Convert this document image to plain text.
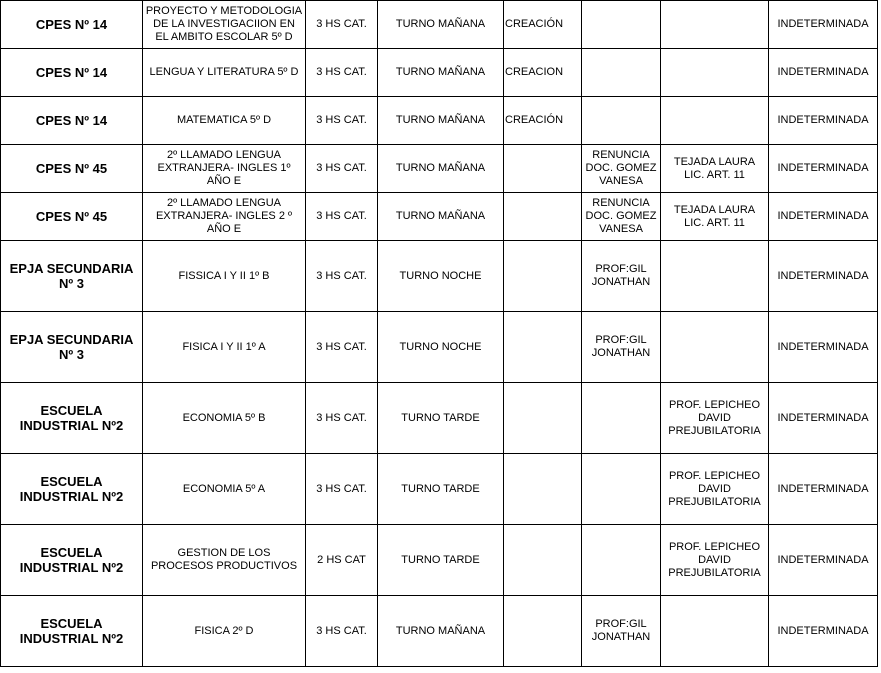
CPES Nº 14	PROYECTO Y METODOLOGIA DE LA INVESTIGACIION EN EL AMBITO ESCOLAR 5º D	3 HS CAT.	TURNO MAÑANA	CREACIÓN			INDETERMINADA
CPES Nº 14	LENGUA Y LITERATURA 5º D	3 HS CAT.	TURNO MAÑANA	CREACION			INDETERMINADA
CPES Nº 14	MATEMATICA 5º D	3 HS CAT.	TURNO MAÑANA	CREACIÓN			INDETERMINADA
CPES Nº 45	2º LLAMADO LENGUA EXTRANJERA- INGLES 1º AÑO E	3 HS CAT.	TURNO MAÑANA		RENUNCIA DOC. GOMEZ VANESA	TEJADA LAURA LIC. ART. 11	INDETERMINADA
CPES Nº 45	2º LLAMADO LENGUA EXTRANJERA- INGLES 2 º AÑO E	3 HS CAT.	TURNO MAÑANA		RENUNCIA DOC. GOMEZ VANESA	TEJADA LAURA LIC. ART. 11	INDETERMINADA
EPJA SECUNDARIA Nº 3	FISSICA I Y II 1º B	3 HS CAT.	TURNO NOCHE		PROF:GIL JONATHAN		INDETERMINADA
EPJA SECUNDARIA Nº 3	FISICA I Y II 1º A	3 HS CAT.	TURNO NOCHE		PROF:GIL JONATHAN		INDETERMINADA
ESCUELA INDUSTRIAL Nº2	ECONOMIA 5º B	3 HS CAT.	TURNO TARDE			PROF. LEPICHEO DAVID PREJUBILATORIA	INDETERMINADA
ESCUELA INDUSTRIAL Nº2	ECONOMIA 5º A	3 HS CAT.	TURNO TARDE			PROF. LEPICHEO DAVID PREJUBILATORIA	INDETERMINADA
ESCUELA INDUSTRIAL Nº2	GESTION DE LOS PROCESOS PRODUCTIVOS	2 HS CAT	TURNO TARDE			PROF. LEPICHEO DAVID PREJUBILATORIA	INDETERMINADA
ESCUELA INDUSTRIAL Nº2	FISICA 2º D	3 HS CAT.	TURNO MAÑANA		PROF:GIL JONATHAN		INDETERMINADA
